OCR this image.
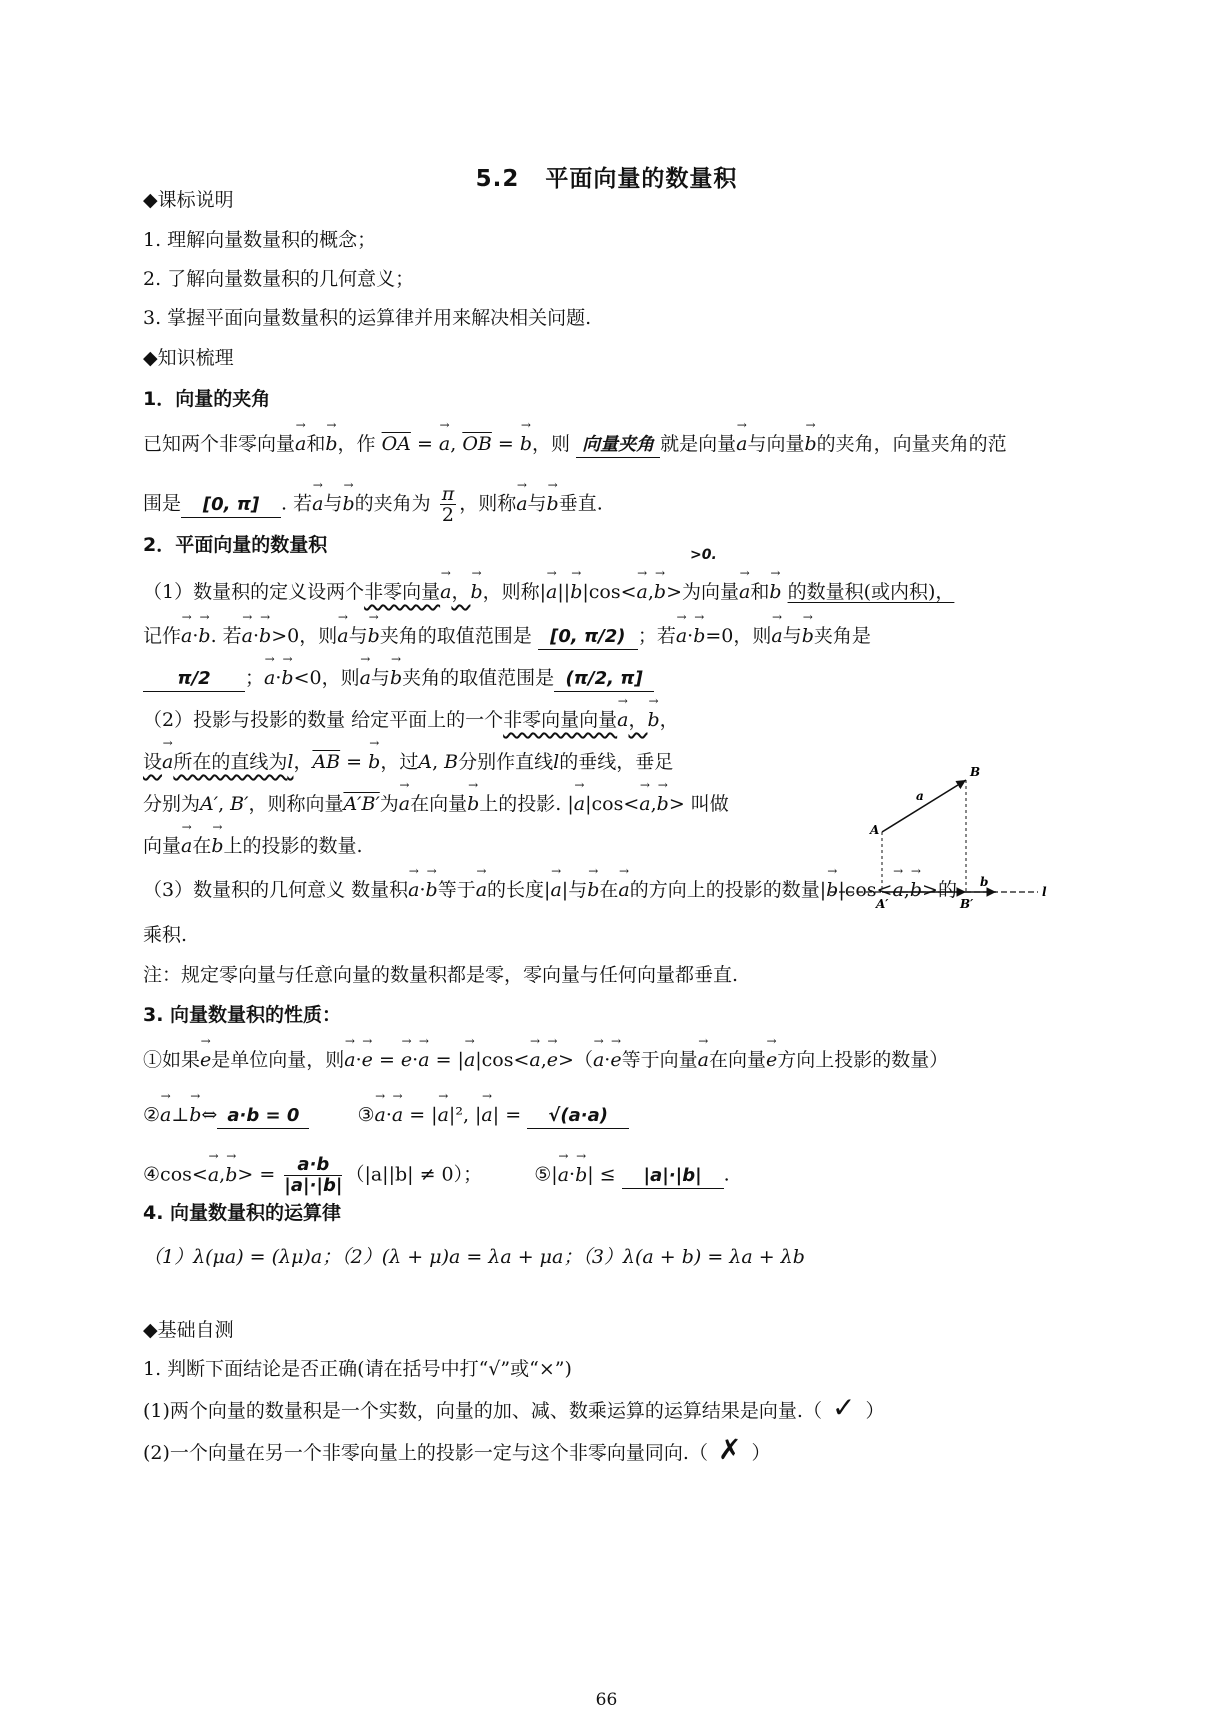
5.2 平面向量的数量积
◆课标说明
1. 理解向量数量积的概念；
2. 了解向量数量积的几何意义；
3. 掌握平面向量数量积的运算律并用来解决相关问题.
◆知识梳理
1．向量的夹角
已知两个非零向量→ a和→ b，作 $\overline{OA}$ = → a, $\overline{OB}$ = → b，则 向量夹角 就是向量→ a与向量→ b的夹角，向量夹角的范
围是 [0, π] . 若→ a与→ b的夹角为 $\frac{\pi}{2}$ ，则称→ a与→ b垂直.
2．平面向量的数量积	>0.
（1）数量积的定义设两个非零向量→ a，→ b，则称|→ a||→ b|cos<→ a,→ b>为向量→ a和→ b 的数量积(或内积)，
记作→ a·→ b. 若→ a·→ b>0，则→ a与→ b夹角的取值范围是 [0, π/2) ；若→ a·→ b=0，则→ a与→ b夹角是
π/2 ；→ a·→ b<0，则→ a与→ b夹角的取值范围是 (π/2, π]
（2）投影与投影的数量 给定平面上的一个非零向量向量→ a，→ b，
设→ a所在的直线为l，$\overline{AB}$ = → b，过A, B分别作直线l的垂线，垂足
分别为A′, B′，则称向量A′B′为→ a在向量→ b上的投影. |→ a|cos<→ a,→ b> 叫做
向量→ a在→ b上的投影的数量.
（3）数量积的几何意义 数量积→ a·→ b等于→ a的长度|→ a|与→ b在→ a的方向上的投影的数量|→ b|cos<→ a,→ b>的
乘积.
注：规定零向量与任意向量的数量积都是零，零向量与任何向量都垂直.
3. 向量数量积的性质：
①如果→ e是单位向量，则→ a·→ e = → e·→ a = |→ a|cos<→ a,→ e>（→ a·→ e等于向量→ a在向量→ e方向上投影的数量）
②→ a⊥→ b⇔ a·b = 0	③→ a·→ a = |→ a|², |→ a| = √(a·a)
④cos<→ $a,\to b> = \frac{a\cdot b}{|a|\cdot|b|} (|a||b| \ne 0)$；	⑤|→ a·→ b| ≤ |a|·|b| .
4. 向量数量积的运算律
（1）λ(μa) = (λμ)a；（2）(λ + μ)a = λa + μa；（3）λ(a + b) = λa + λb
◆基础自测
1. 判断下面结论是否正确(请在括号中打“√”或“×”)
(1)两个向量的数量积是一个实数，向量的加、减、数乘运算的运算结果是向量.（ ✓ ）
(2)一个向量在另一个非零向量上的投影一定与这个非零向量同向.（ ✗ ）
66
A
B
A′	B′
a
b
l
